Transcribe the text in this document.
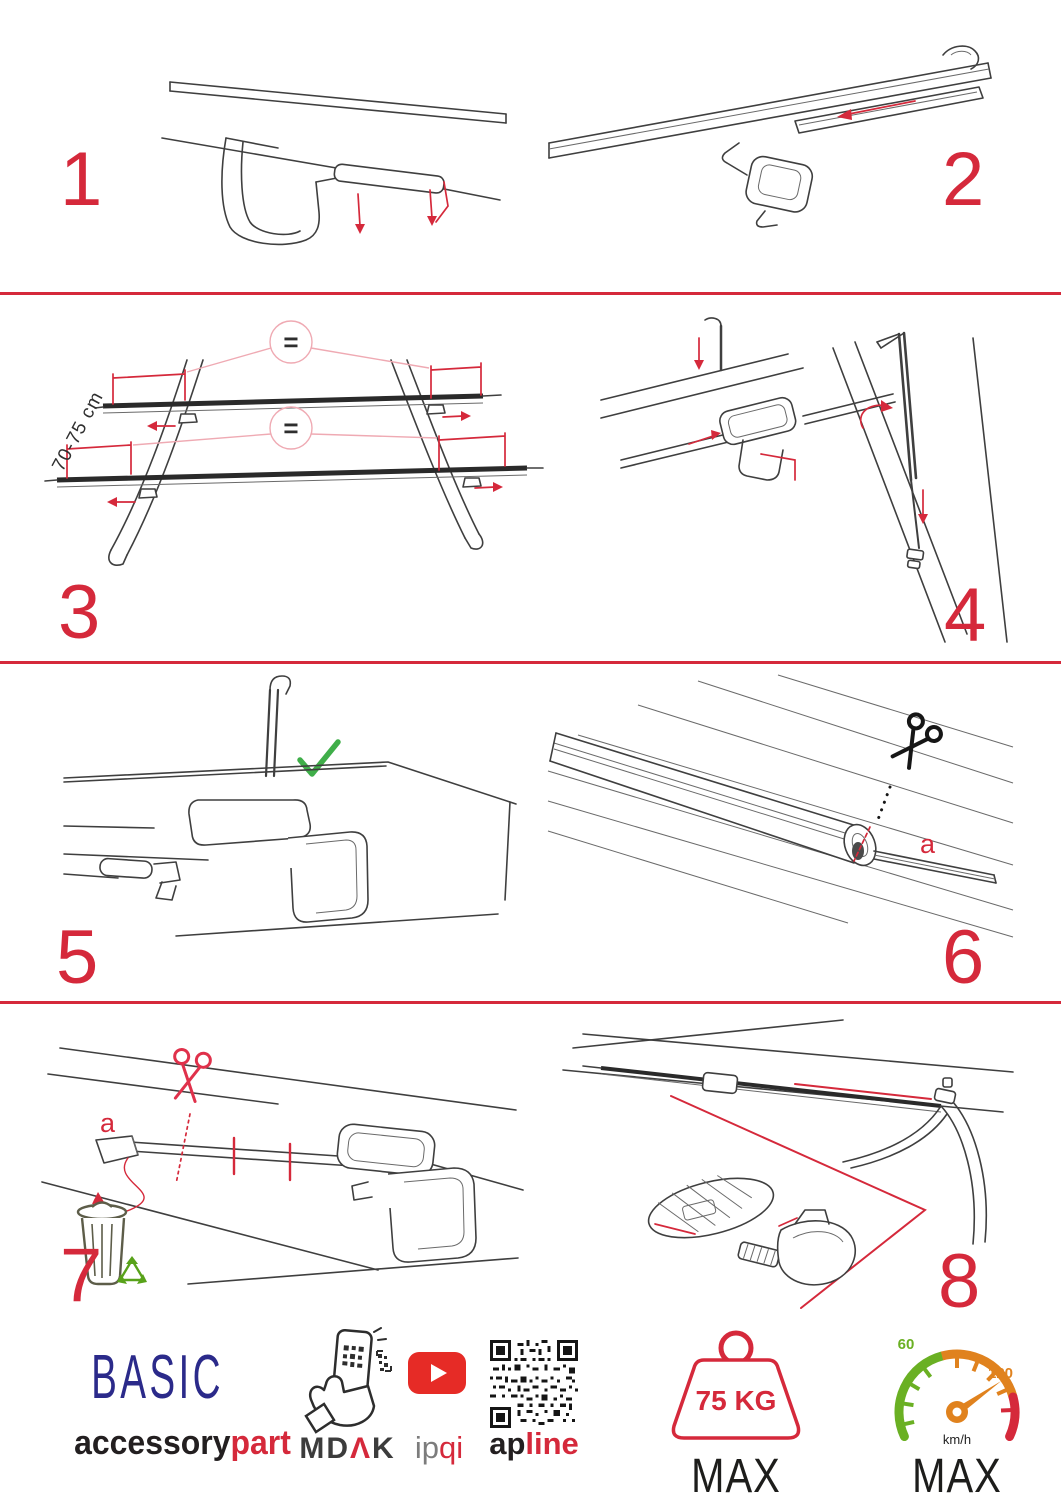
1	2
=
=
70-75 cm
3	4
5
a
6
a
7	8
BASIC
accessorypart MDΛK ipqi apline
75 KG
MAX
60
120
km/h
MAX
